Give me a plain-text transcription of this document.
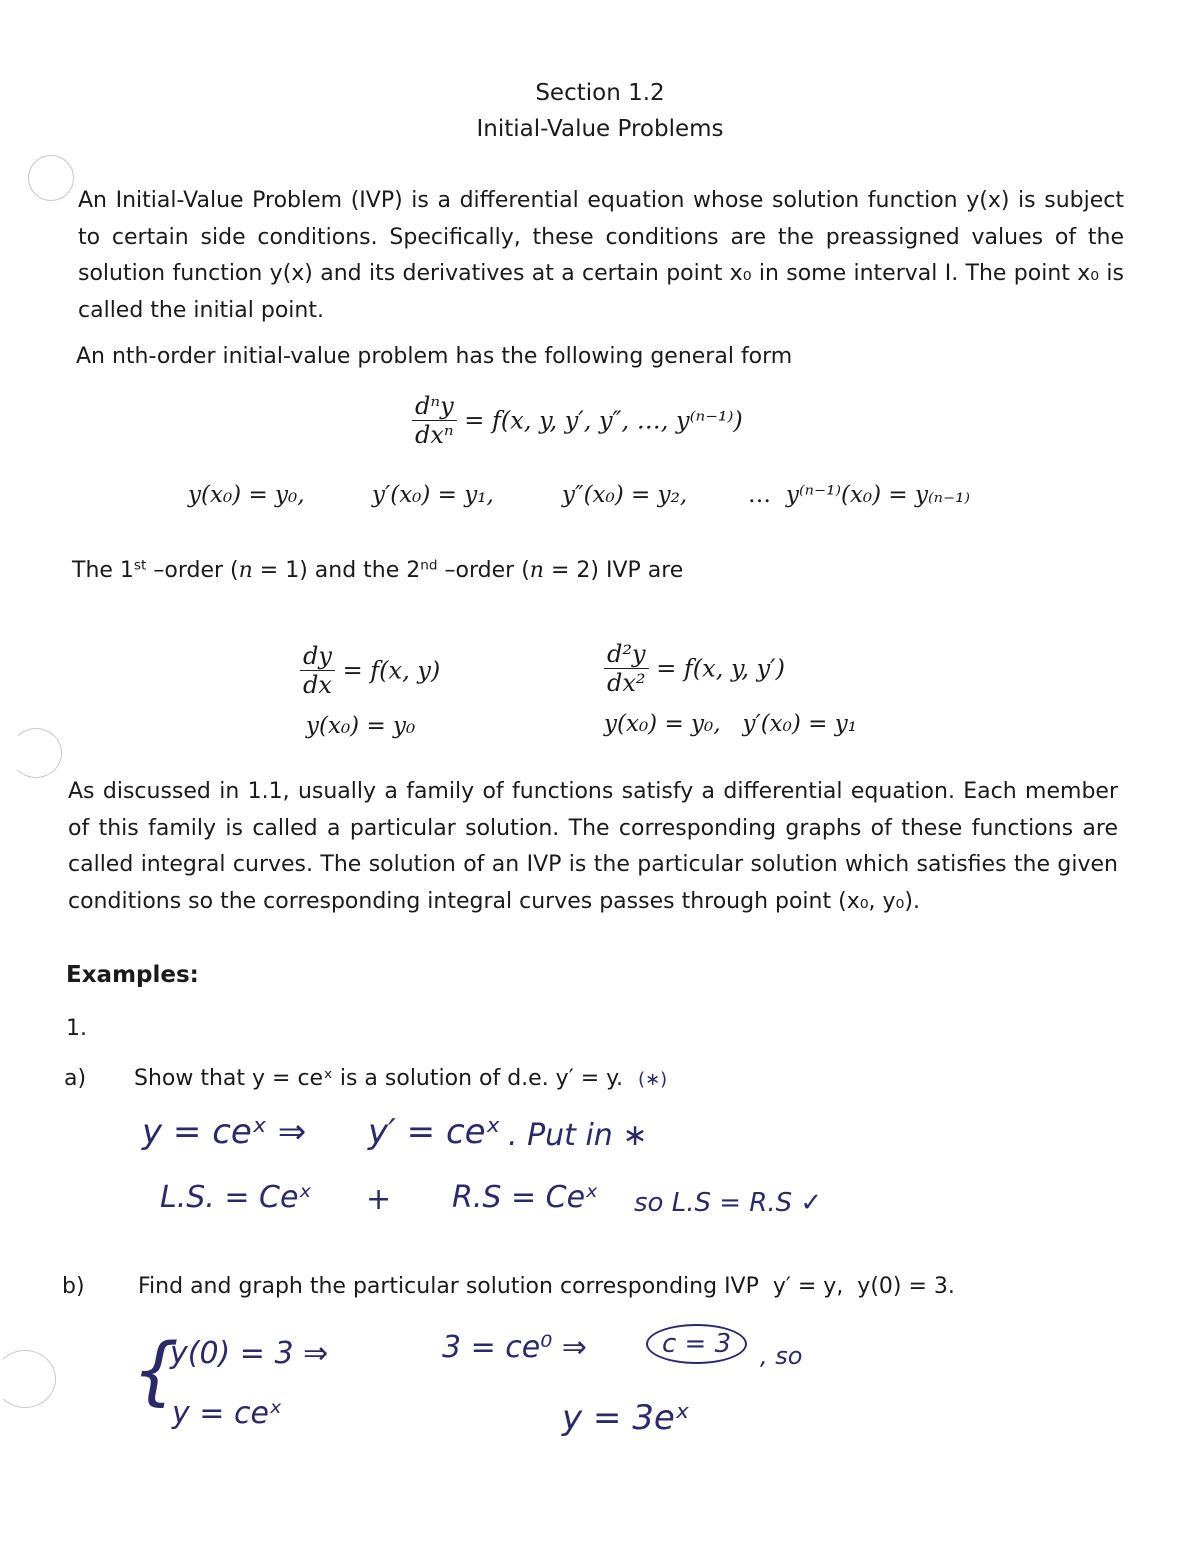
Section 1.2
Initial-Value Problems
An Initial-Value Problem (IVP) is a differential equation whose solution function y(x) is subject to certain side conditions. Specifically, these conditions are the preassigned values of the solution function y(x) and its derivatives at a certain point x₀ in some interval I. The point x₀ is called the initial point.
An nth-order initial-value problem has the following general form
$\frac{\text{dⁿy}}{\text{dxⁿ}} = f(x$, y, y′, y″, …, y⁽ⁿ⁻¹⁾)
y(x₀) = y₀,	y′(x₀) = y₁,	y″(x₀) = y₂,	… y⁽ⁿ⁻¹⁾(x₀) = y₍ₙ₋₁₎
The 1st –order (n = 1) and the 2nd –order (n = 2) IVP are
$\frac{dy}{dx} = f(x$, y)
y(x₀) = y₀
$\frac{\text{d²y}}{\text{dx²}} = f(x$, y, y′)
y(x₀) = y₀,   y′(x₀) = y₁
As discussed in 1.1, usually a family of functions satisfy a differential equation. Each member of this family is called a particular solution. The corresponding graphs of these functions are called integral curves. The solution of an IVP is the particular solution which satisfies the given conditions so the corresponding integral curves passes through point (x₀, y₀).
Examples:
1.
a) Show that y = ceˣ is a solution of d.e. y′ = y. (∗)
y = ceˣ ⇒ y′ = ceˣ . Put in ∗
L.S. = Ceˣ + R.S = Ceˣ so L.S = R.S ✓
b) Find and graph the particular solution corresponding IVP  y′ = y,  y(0) = 3.
{
y(0) = 3 ⇒
y = ceˣ
3 = ce⁰ ⇒	c = 3	, so
y = 3eˣ
